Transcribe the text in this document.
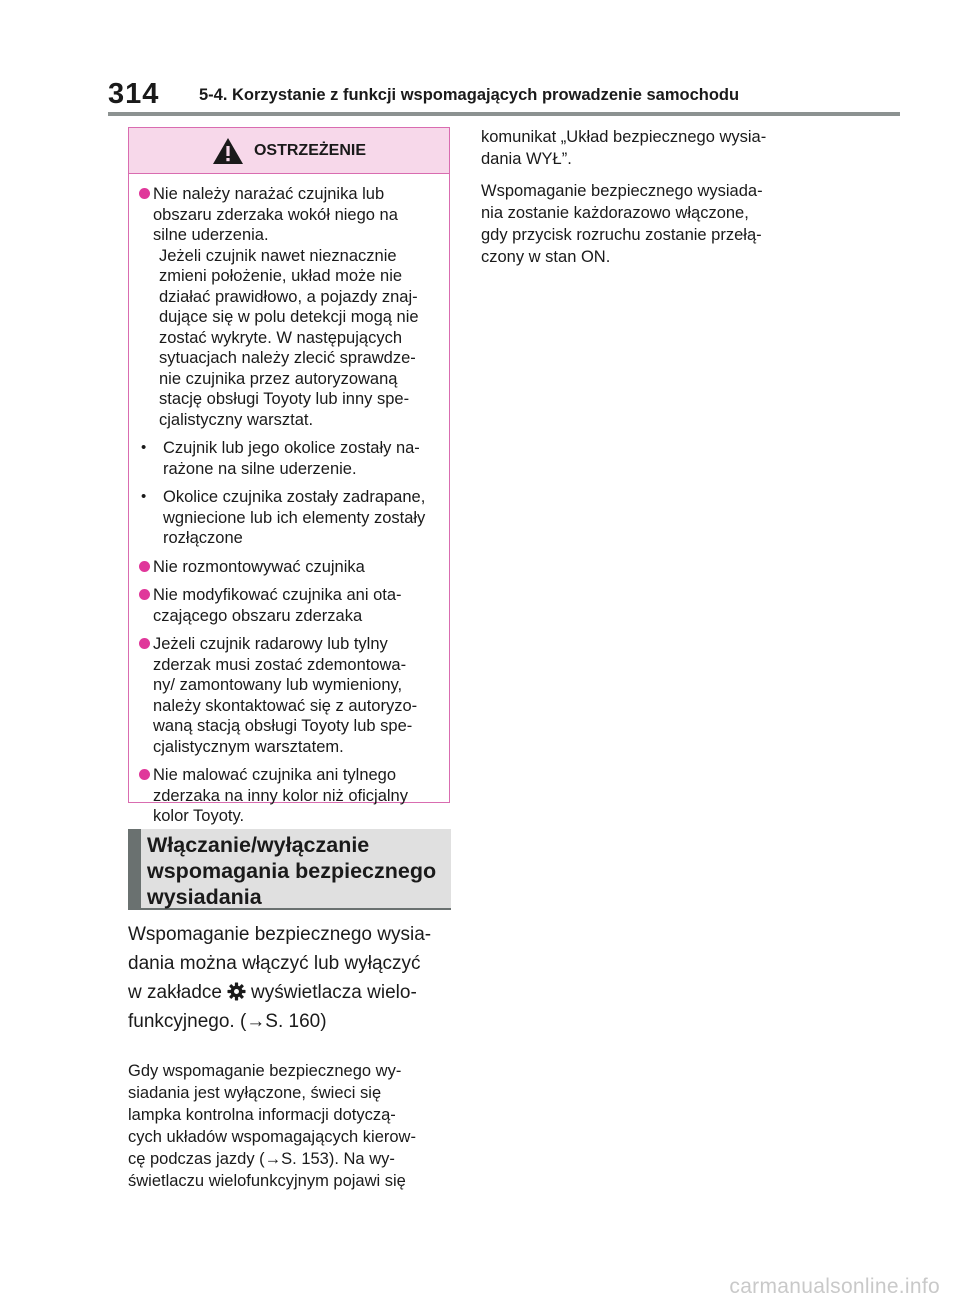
314 5-4. Korzystanie z funkcji wspomagających prowadzenie samochodu
OSTRZEŻENIE
Nie należy narażać czujnika lub
obszaru zderzaka wokół niego na
silne uderzenia.
Jeżeli czujnik nawet nieznacznie
zmieni położenie, układ może nie
działać prawidłowo, a pojazdy znaj-
dujące się w polu detekcji mogą nie
zostać wykryte. W następujących
sytuacjach należy zlecić sprawdze-
nie czujnika przez autoryzowaną
stację obsługi Toyoty lub inny spe-
cjalistyczny warsztat.
• Czujnik lub jego okolice zostały na-
rażone na silne uderzenie.
• Okolice czujnika zostały zadrapane,
wgniecione lub ich elementy zostały
rozłączone
Nie rozmontowywać czujnika
Nie modyfikować czujnika ani ota-
czającego obszaru zderzaka
Jeżeli czujnik radarowy lub tylny
zderzak musi zostać zdemontowa-
ny/ zamontowany lub wymieniony,
należy skontaktować się z autoryzo-
waną stacją obsługi Toyoty lub spe-
cjalistycznym warsztatem.
Nie malować czujnika ani tylnego
zderzaka na inny kolor niż oficjalny
kolor Toyoty.
Włączanie/wyłączanie
wspomagania bezpiecznego
wysiadania
Wspomaganie bezpiecznego wysia-
dania można włączyć lub wyłączyć
w zakładce wyświetlacza wielo-
funkcyjnego. (→S. 160)
Gdy wspomaganie bezpiecznego wy-
siadania jest wyłączone, świeci się
lampka kontrolna informacji dotyczą-
cych układów wspomagających kierow-
cę podczas jazdy (→S. 153). Na wy-
świetlaczu wielofunkcyjnym pojawi się
komunikat „Układ bezpiecznego wysia-
dania WYŁ”.
Wspomaganie bezpiecznego wysiada-
nia zostanie każdorazowo włączone,
gdy przycisk rozruchu zostanie przełą-
czony w stan ON.
carmanualsonline.info
